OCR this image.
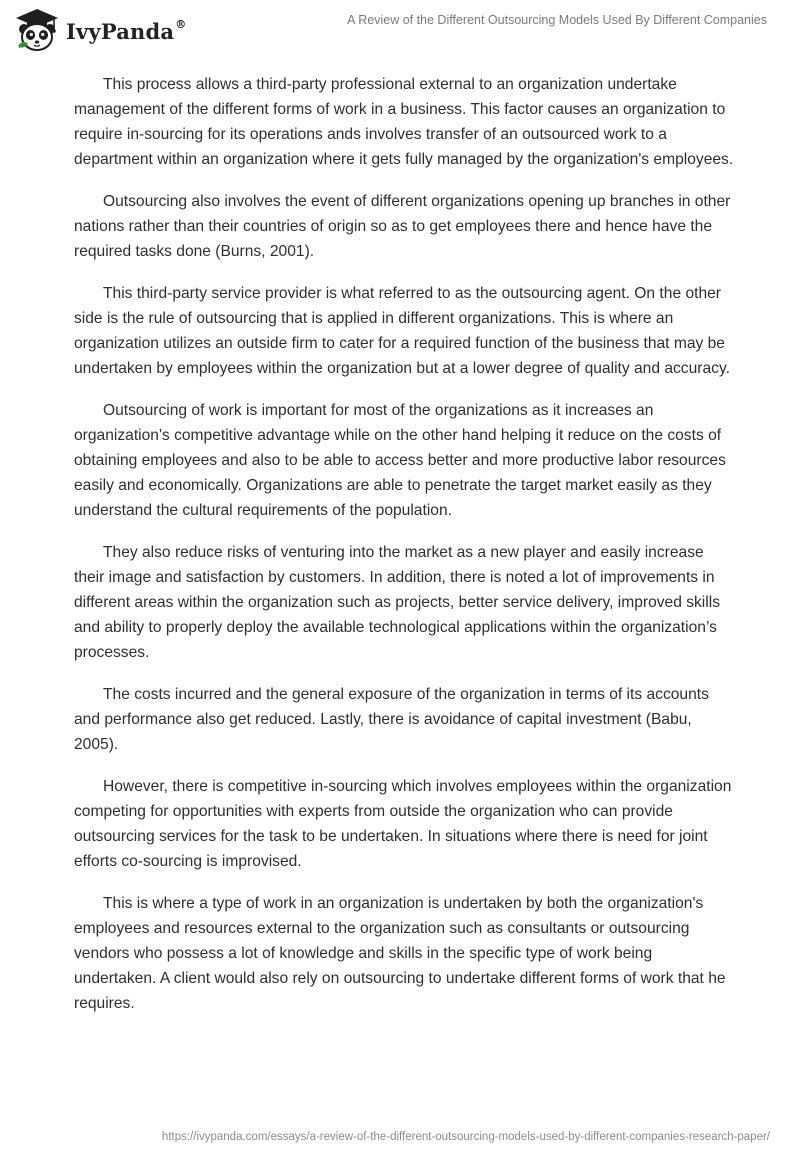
IvyPanda®	A Review of the Different Outsourcing Models Used By Different Companies

This process allows a third-party professional external to an organization undertake management of the different forms of work in a business. This factor causes an organization to require in-sourcing for its operations ands involves transfer of an outsourced work to a department within an organization where it gets fully managed by the organization's employees.

Outsourcing also involves the event of different organizations opening up branches in other nations rather than their countries of origin so as to get employees there and hence have the required tasks done (Burns, 2001).

This third-party service provider is what referred to as the outsourcing agent. On the other side is the rule of outsourcing that is applied in different organizations. This is where an organization utilizes an outside firm to cater for a required function of the business that may be undertaken by employees within the organization but at a lower degree of quality and accuracy.

Outsourcing of work is important for most of the organizations as it increases an organization's competitive advantage while on the other hand helping it reduce on the costs of obtaining employees and also to be able to access better and more productive labor resources easily and economically. Organizations are able to penetrate the target market easily as they understand the cultural requirements of the population.

They also reduce risks of venturing into the market as a new player and easily increase their image and satisfaction by customers. In addition, there is noted a lot of improvements in different areas within the organization such as projects, better service delivery, improved skills and ability to properly deploy the available technological applications within the organization’s processes.

The costs incurred and the general exposure of the organization in terms of its accounts and performance also get reduced. Lastly, there is avoidance of capital investment (Babu, 2005).

However, there is competitive in-sourcing which involves employees within the organization competing for opportunities with experts from outside the organization who can provide outsourcing services for the task to be undertaken. In situations where there is need for joint efforts co-sourcing is improvised.

This is where a type of work in an organization is undertaken by both the organization's employees and resources external to the organization such as consultants or outsourcing vendors who possess a lot of knowledge and skills in the specific type of work being undertaken. A client would also rely on outsourcing to undertake different forms of work that he requires.

https://ivypanda.com/essays/a-review-of-the-different-outsourcing-models-used-by-different-companies-research-paper/
